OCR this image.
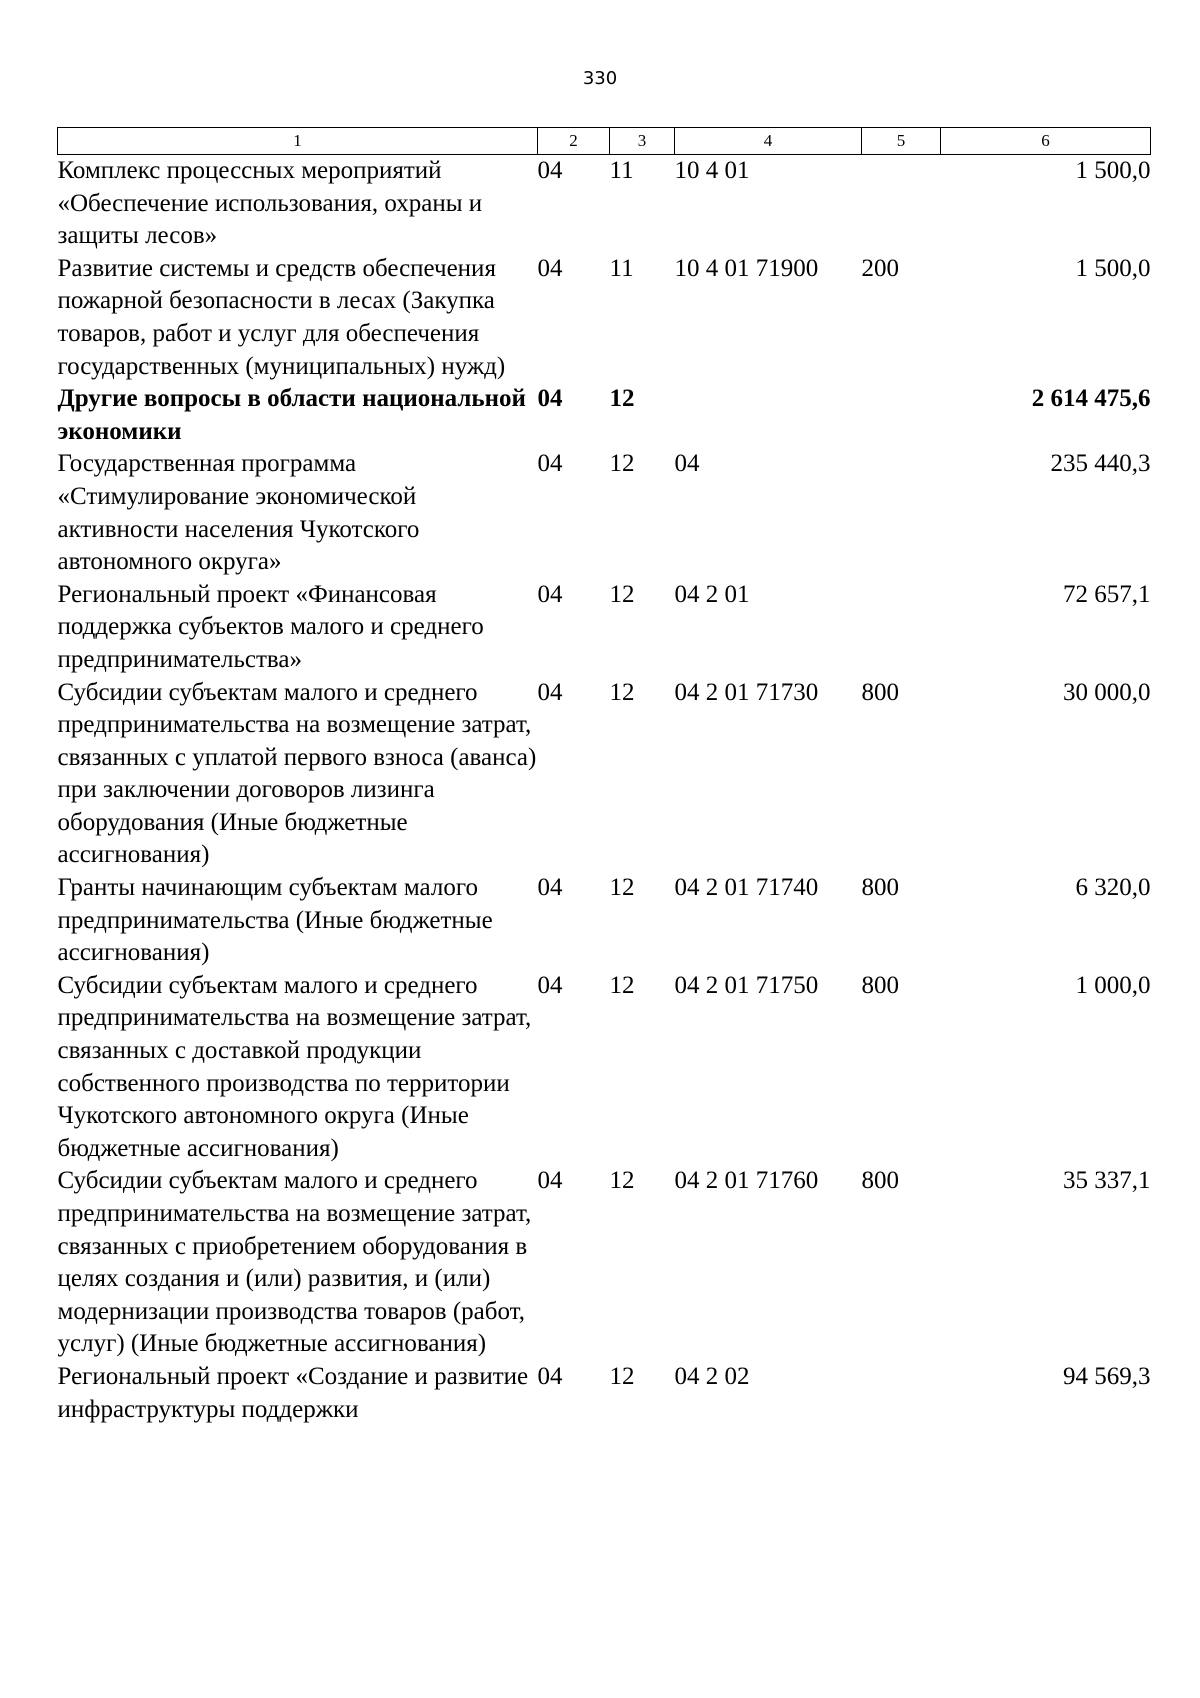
330
1	2	3	4	5	6
Комплекс процессных мероприятий «Обеспечение использования, охраны и защиты лесов»	04	11	10 4 01		1 500,0
Развитие системы и средств обеспечения пожарной безопасности в лесах (Закупка товаров, работ и услуг для обеспечения государственных (муниципальных) нужд)	04	11	10 4 01 71900	200	1 500,0
Другие вопросы в области национальной экономики	04	12			2 614 475,6
Государственная программа «Стимулирование экономической активности населения Чукотского автономного округа»	04	12	04		235 440,3
Региональный проект «Финансовая поддержка субъектов малого и среднего предпринимательства»	04	12	04 2 01		72 657,1
Субсидии субъектам малого и среднего предпринимательства на возмещение затрат, связанных с уплатой первого взноса (аванса) при заключении договоров лизинга оборудования (Иные бюджетные ассигнования)	04	12	04 2 01 71730	800	30 000,0
Гранты начинающим субъектам малого предпринимательства (Иные бюджетные ассигнования)	04	12	04 2 01 71740	800	6 320,0
Субсидии субъектам малого и среднего предпринимательства на возмещение затрат, связанных с доставкой продукции собственного производства по территории Чукотского автономного округа (Иные бюджетные ассигнования)	04	12	04 2 01 71750	800	1 000,0
Субсидии субъектам малого и среднего предпринимательства на возмещение затрат, связанных с приобретением оборудования в целях создания и (или) развития, и (или) модернизации производства товаров (работ, услуг) (Иные бюджетные ассигнования)	04	12	04 2 01 71760	800	35 337,1
Региональный проект «Создание и развитие инфраструктуры поддержки	04	12	04 2 02		94 569,3
